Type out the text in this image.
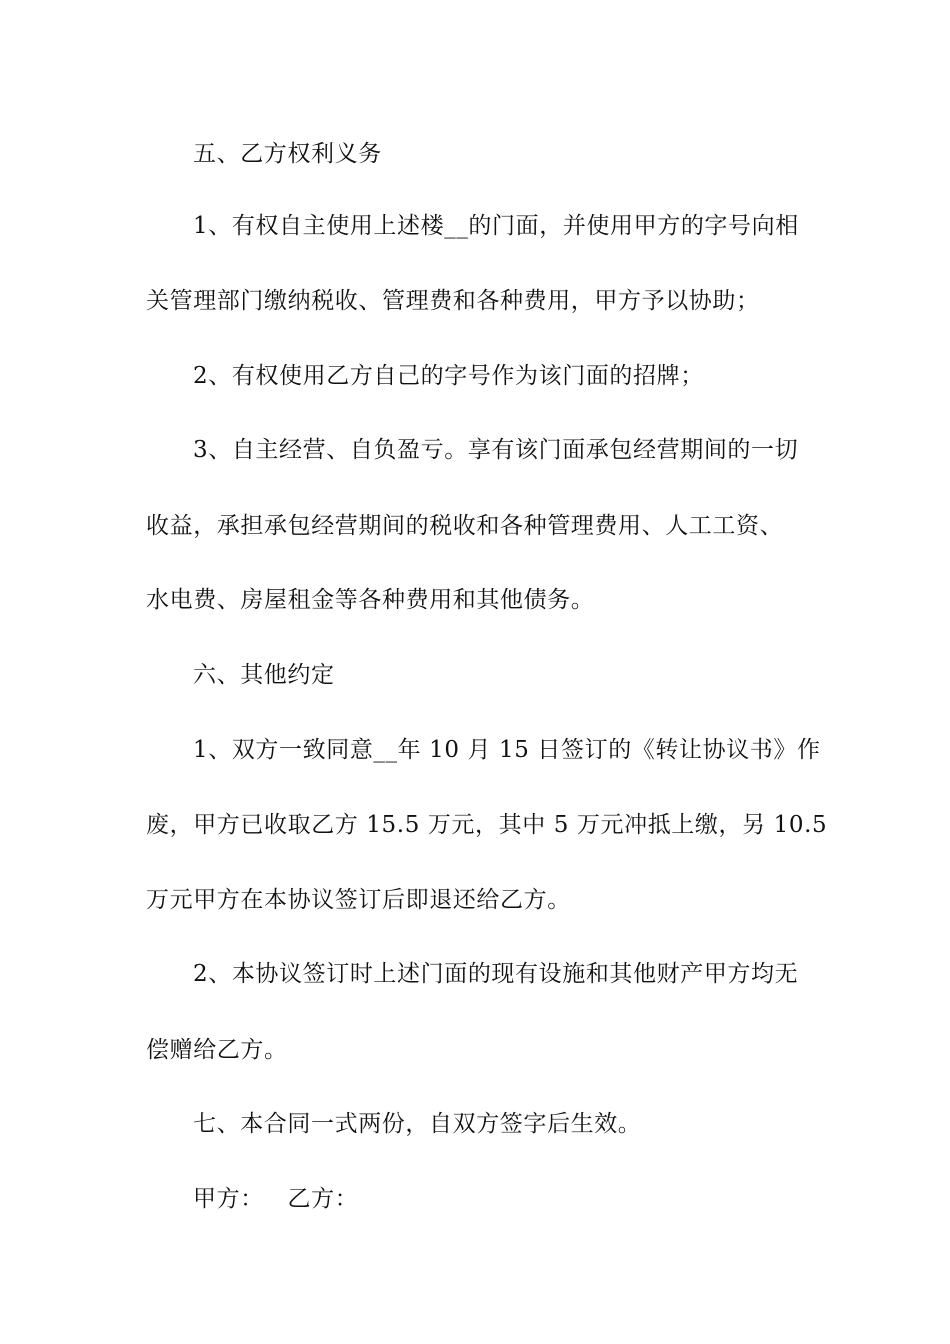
五、乙方权利义务
1、有权自主使用上述楼__的门面，并使用甲方的字号向相
关管理部门缴纳税收、管理费和各种费用，甲方予以协助；
2、有权使用乙方自己的字号作为该门面的招牌；
3、自主经营、自负盈亏。享有该门面承包经营期间的一切
收益，承担承包经营期间的税收和各种管理费用、人工工资、
水电费、房屋租金等各种费用和其他债务。
六、其他约定
1、双方一致同意__年 10 月 15 日签订的《转让协议书》作
废，甲方已收取乙方 15.5 万元，其中 5 万元冲抵上缴，另 10.5
万元甲方在本协议签订后即退还给乙方。
2、本协议签订时上述门面的现有设施和其他财产甲方均无
偿赠给乙方。
七、本合同一式两份，自双方签字后生效。
甲方：   乙方：
